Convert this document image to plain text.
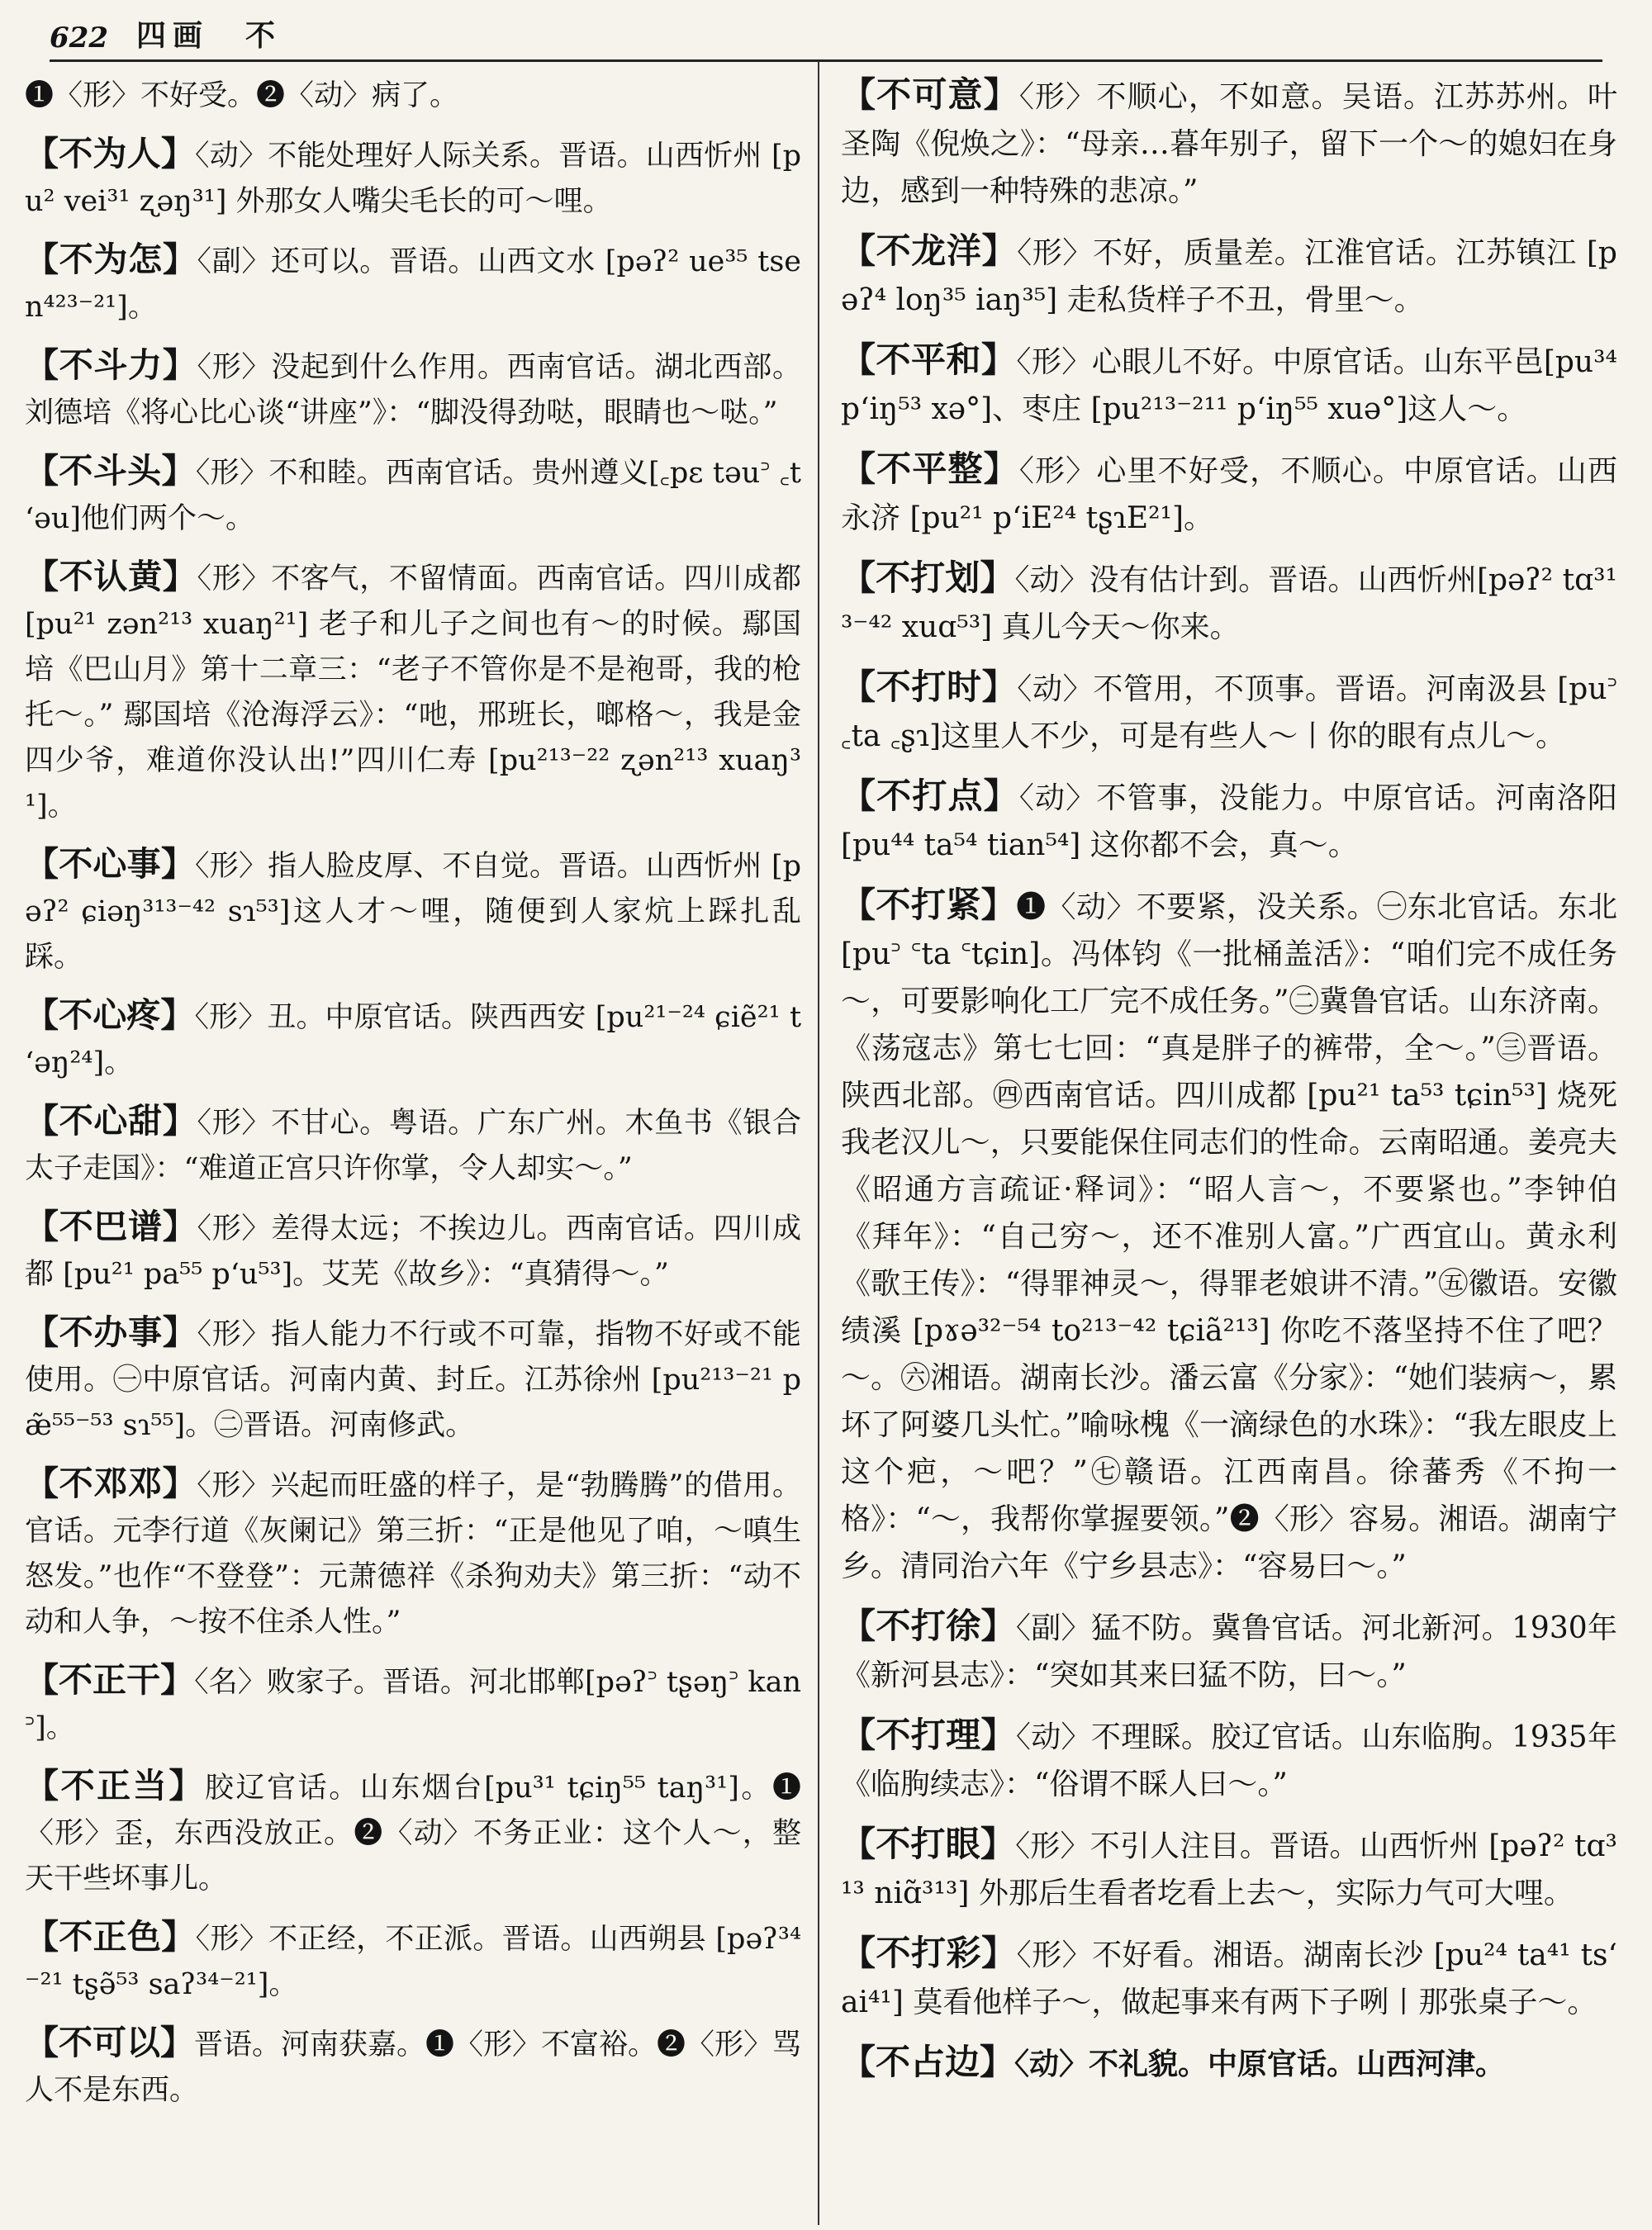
622 四画　不

❶〈形〉不好受。❷〈动〉病了。

【不为人】〈动〉不能处理好人际关系。晋语。山西忻州 [pu² vei³¹ ʐəŋ³¹] 外那女人嘴尖毛长的可～哩。

【不为怎】〈副〉还可以。晋语。山西文水 [pəʔ² ue³⁵ tsen⁴²³⁻²¹]。

【不斗力】〈形〉没起到什么作用。西南官话。湖北西部。刘德培《将心比心谈“讲座”》：“脚没得劲哒，眼睛也～哒。”

【不斗头】〈形〉不和睦。西南官话。贵州遵义[꜀pɛ təu꜄ ꜀tʻəu]他们两个～。

【不认黄】〈形〉不客气，不留情面。西南官话。四川成都 [pu²¹ zən²¹³ xuaŋ²¹] 老子和儿子之间也有～的时候。鄢国培《巴山月》第十二章三：“老子不管你是不是袍哥，我的枪托～。” 鄢国培《沧海浮云》：“吔，邢班长，啷格～，我是金四少爷，难道你没认出!”四川仁寿 [pu²¹³⁻²² ʐən²¹³ xuaŋ³¹]。

【不心事】〈形〉指人脸皮厚、不自觉。晋语。山西忻州 [pəʔ² ɕiəŋ³¹³⁻⁴² sɿ⁵³]这人才～哩，随便到人家炕上踩扎乱踩。

【不心疼】〈形〉丑。中原官话。陕西西安 [pu²¹⁻²⁴ ɕiẽ²¹ tʻəŋ²⁴]。

【不心甜】〈形〉不甘心。粤语。广东广州。木鱼书《银合太子走国》：“难道正宫只许你掌，令人却实～。”

【不巴谱】〈形〉差得太远；不挨边儿。西南官话。四川成都 [pu²¹ pa⁵⁵ pʻu⁵³]。艾芜《故乡》：“真猜得～。”

【不办事】〈形〉指人能力不行或不可靠，指物不好或不能使用。㊀中原官话。河南内黄、封丘。江苏徐州 [pu²¹³⁻²¹ pæ̃⁵⁵⁻⁵³ sɿ⁵⁵]。㊁晋语。河南修武。

【不邓邓】〈形〉兴起而旺盛的样子，是“勃腾腾”的借用。官话。元李行道《灰阑记》第三折：“正是他见了咱，～嗔生怒发。”也作“不登登”：元萧德祥《杀狗劝夫》第三折：“动不动和人争，～按不住杀人性。”

【不正干】〈名〉败家子。晋语。河北邯郸[pəʔ꜄ tʂəŋ꜄ kan꜄]。

【不正当】胶辽官话。山东烟台[pu³¹ tɕiŋ⁵⁵ taŋ³¹]。❶〈形〉歪，东西没放正。❷〈动〉不务正业：这个人～，整天干些坏事儿。

【不正色】〈形〉不正经，不正派。晋语。山西朔县 [pəʔ³⁴⁻²¹ tʂə̃⁵³ saʔ³⁴⁻²¹]。

【不可以】晋语。河南获嘉。❶〈形〉不富裕。❷〈形〉骂人不是东西。

【不可意】〈形〉不顺心，不如意。吴语。江苏苏州。叶圣陶《倪焕之》：“母亲…暮年别子，留下一个～的媳妇在身边，感到一种特殊的悲凉。”

【不龙洋】〈形〉不好，质量差。江淮官话。江苏镇江 [pəʔ⁴ loŋ³⁵ iaŋ³⁵] 走私货样子不丑，骨里～。

【不平和】〈形〉心眼儿不好。中原官话。山东平邑[pu³⁴ pʻiŋ⁵³ xə°]、枣庄 [pu²¹³⁻²¹¹ pʻiŋ⁵⁵ xuə°]这人～。

【不平整】〈形〉心里不好受，不顺心。中原官话。山西永济 [pu²¹ pʻiE²⁴ tʂɿE²¹]。

【不打划】〈动〉没有估计到。晋语。山西忻州[pəʔ² tɑ³¹³⁻⁴² xuɑ⁵³] 真儿今天～你来。

【不打时】〈动〉不管用，不顶事。晋语。河南汲县 [pu꜄ ꜀ta ꜀ʂɿ]这里人不少，可是有些人～丨你的眼有点儿～。

【不打点】〈动〉不管事，没能力。中原官话。河南洛阳 [pu⁴⁴ ta⁵⁴ tian⁵⁴] 这你都不会，真～。

【不打紧】❶〈动〉不要紧，没关系。㊀东北官话。东北 [pu꜄ ꜂ta ꜂tɕin]。冯体钧《一批桶盖活》：“咱们完不成任务～，可要影响化工厂完不成任务。”㊁冀鲁官话。山东济南。《荡寇志》第七七回：“真是胖子的裤带，全～。”㊂晋语。陕西北部。㊃西南官话。四川成都 [pu²¹ ta⁵³ tɕin⁵³] 烧死我老汉儿～，只要能保住同志们的性命。云南昭通。姜亮夫《昭通方言疏证·释词》：“昭人言～，不要紧也。”李钟伯《拜年》：“自己穷～，还不准别人富。”广西宜山。黄永利《歌王传》：“得罪神灵～，得罪老娘讲不清。”㊄徽语。安徽绩溪 [pɤə³²⁻⁵⁴ to²¹³⁻⁴² tɕiã²¹³] 你吃不落坚持不住了吧？～。㊅湘语。湖南长沙。潘云富《分家》：“她们装病～，累坏了阿婆几头忙。”喻咏槐《一滴绿色的水珠》：“我左眼皮上这个疤，～吧？”㊆赣语。江西南昌。徐蕃秀《不拘一格》：“～，我帮你掌握要领。”❷〈形〉容易。湘语。湖南宁乡。清同治六年《宁乡县志》：“容易曰～。”

【不打徐】〈副〉猛不防。冀鲁官话。河北新河。1930年《新河县志》：“突如其来曰猛不防，曰～。”

【不打理】〈动〉不理睬。胶辽官话。山东临朐。1935年《临朐续志》：“俗谓不睬人曰～。”

【不打眼】〈形〉不引人注目。晋语。山西忻州 [pəʔ² tɑ³¹³ niɑ̃³¹³] 外那后生看者圪看上去～，实际力气可大哩。

【不打彩】〈形〉不好看。湘语。湖南长沙 [pu²⁴ ta⁴¹ tsʻai⁴¹] 莫看他样子～，做起事来有两下子咧丨那张桌子～。

【不占边】〈动〉不礼貌。中原官话。山西河津。
